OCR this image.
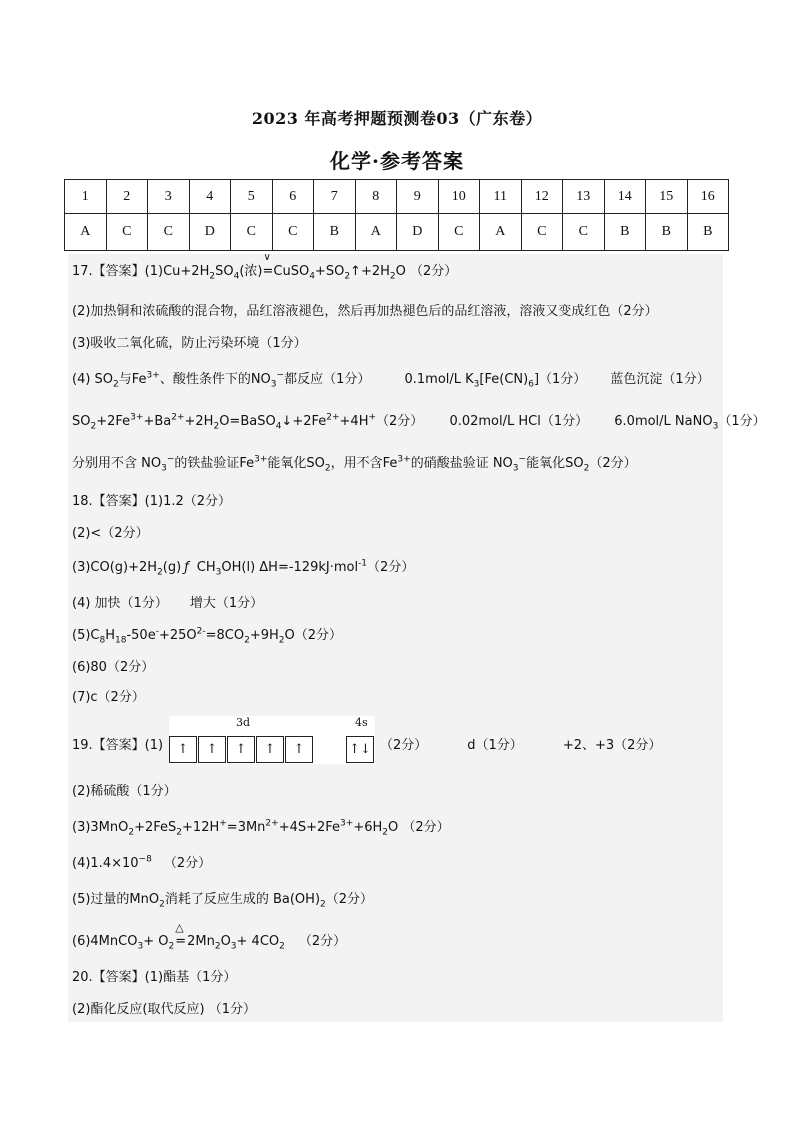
2023 年高考押题预测卷03（广东卷）
化学·参考答案
1	2	3	4	5	6	7	8	9	10	11	12	13	14	15	16
A	C	C	D	C	C	B	A	D	C	A	C	C	B	B	B
17.【答案】$(1)Cu+2H_2SO_4$(浓)
∨
$=CuSO_4+SO_2↑+2H_2O$ （2分）
(2)加热铜和浓硫酸的混合物，品红溶液褪色，然后再加热褪色后的品红溶液，溶液又变成红色（2分）
(3)吸收二氧化硫，防止污染环境（1分）
(4) $SO_2$与$Fe^{3+}$、酸性条件下的$NO_3^-$都反应（1分）	0.1mol/L $K_3[Fe(CN)_6](1$分） 蓝色沉淀（1分）
$SO_2+2Fe^{3+}+Ba^{2+}+2H_2O=BaSO_4↓+2Fe^{2+}+4H^+(2$分） 0.02mol/L HCl（1分） 6.0mol/L NaNO$_3$（1分）
分别用不含 $NO_3^-$的铁盐验证$Fe^{3+}$能氧化$SO_2$，用不含$Fe^{3+}$的硝酸盐验证 $NO_3^-$能氧化$SO_2(2$分）
18.【答案】(1)1.2（2分）
(2)<（2分）
$(3)CO(g)+2H_2(g)$ ƒ $CH_3OH(l)$ ΔH=-129kJ·mol$^{-1}$（2分）
(4) 加快（1分） 增大（1分）
$(5)C_8H_{18}-50e^-+25O^{2-}=8CO_2+9H_2O(2$分）
(6)80（2分）
(7)c（2分）
19.【答案】(1)
3d	4s
↑ ↑ ↑ ↑ ↑	↑↓ （2分）	d（1分）	+2、+3（2分）
(2)稀硫酸（1分）
$(3)3MnO_2+2FeS_2+12H^+=3Mn^{2+}+4S+2Fe^{3+}+6H_2O$ （2分）
$(4)1.4\times 10^{-8}$ （2分）
(5)过量的MnO$_2$消耗了反应生成的 $Ba(OH)_2(2$分）
(6)4MnCO$_3$+ $O_2$
△
$=2Mn_2O_3+ 4CO_2$ （2分）
20.【答案】(1)酯基（1分）
(2)酯化反应(取代反应) （1分）
